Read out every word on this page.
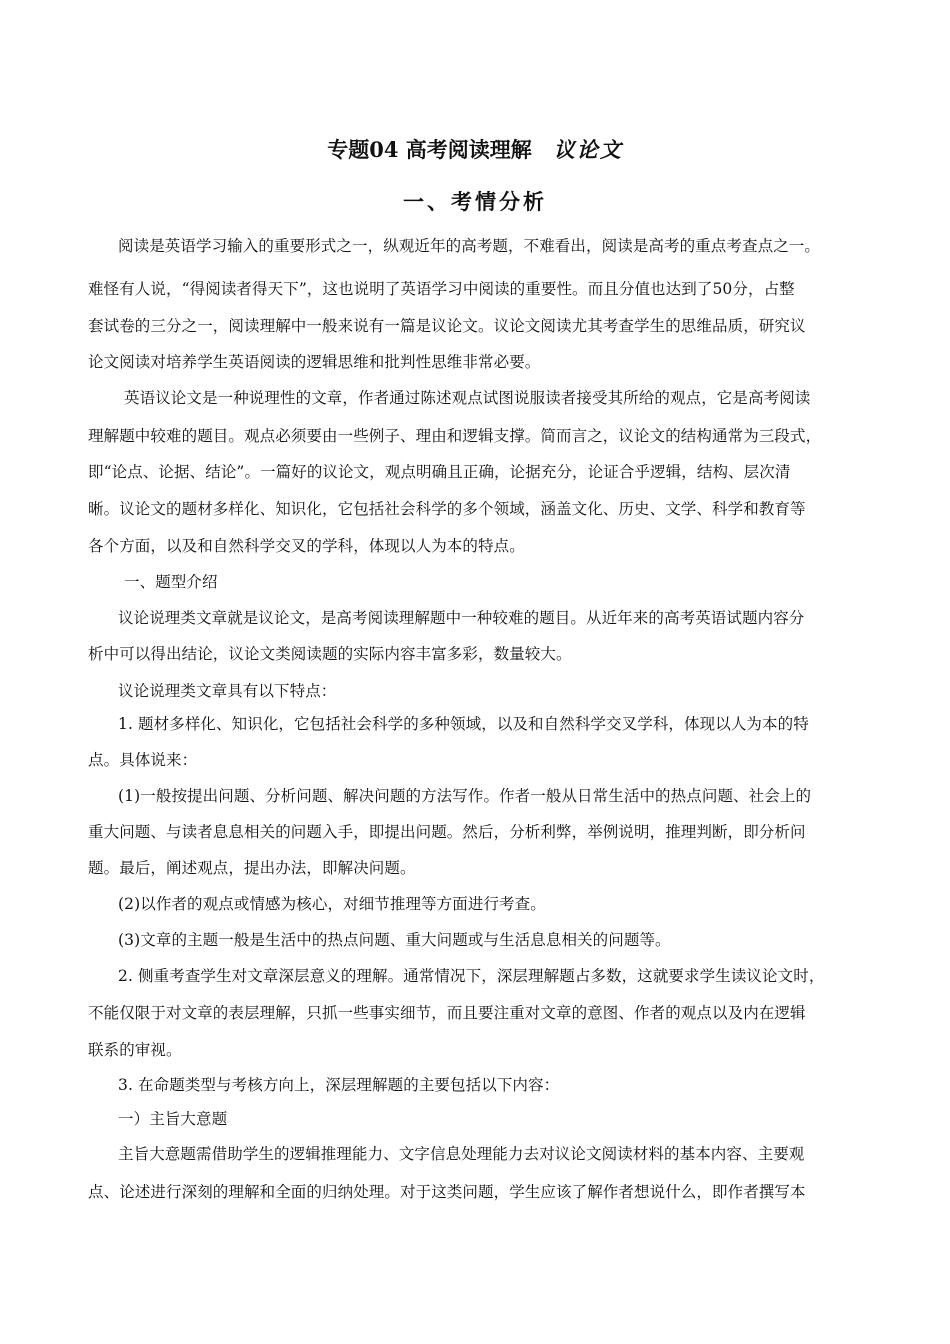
专题04 高考阅读理解 议论文
一、考情分析
阅读是英语学习输入的重要形式之一，纵观近年的高考题，不难看出，阅读是高考的重点考查点之一。
难怪有人说，“得阅读者得天下”，这也说明了英语学习中阅读的重要性。而且分值也达到了50分，占整
套试卷的三分之一，阅读理解中一般来说有一篇是议论文。议论文阅读尤其考查学生的思维品质，研究议
论文阅读对培养学生英语阅读的逻辑思维和批判性思维非常必要。
英语议论文是一种说理性的文章，作者通过陈述观点试图说服读者接受其所给的观点，它是高考阅读
理解题中较难的题目。观点必须要由一些例子、理由和逻辑支撑。简而言之，议论文的结构通常为三段式，
即“论点、论据、结论”。一篇好的议论文，观点明确且正确，论据充分，论证合乎逻辑，结构、层次清
晰。议论文的题材多样化、知识化，它包括社会科学的多个领域，涵盖文化、历史、文学、科学和教育等
各个方面，以及和自然科学交叉的学科，体现以人为本的特点。
一、题型介绍
议论说理类文章就是议论文，是高考阅读理解题中一种较难的题目。从近年来的高考英语试题内容分
析中可以得出结论，议论文类阅读题的实际内容丰富多彩，数量较大。
议论说理类文章具有以下特点：
1. 题材多样化、知识化，它包括社会科学的多种领域，以及和自然科学交叉学科，体现以人为本的特
点。具体说来：
(1)一般按提出问题、分析问题、解决问题的方法写作。作者一般从日常生活中的热点问题、社会上的
重大问题、与读者息息相关的问题入手，即提出问题。然后，分析利弊，举例说明，推理判断，即分析问
题。最后，阐述观点，提出办法，即解决问题。
(2)以作者的观点或情感为核心，对细节推理等方面进行考查。
(3)文章的主题一般是生活中的热点问题、重大问题或与生活息息相关的问题等。
2. 侧重考查学生对文章深层意义的理解。通常情况下，深层理解题占多数，这就要求学生读议论文时，
不能仅限于对文章的表层理解，只抓一些事实细节，而且要注重对文章的意图、作者的观点以及内在逻辑
联系的审视。
3. 在命题类型与考核方向上，深层理解题的主要包括以下内容：
一）主旨大意题
主旨大意题需借助学生的逻辑推理能力、文字信息处理能力去对议论文阅读材料的基本内容、主要观
点、论述进行深刻的理解和全面的归纳处理。对于这类问题，学生应该了解作者想说什么，即作者撰写本
